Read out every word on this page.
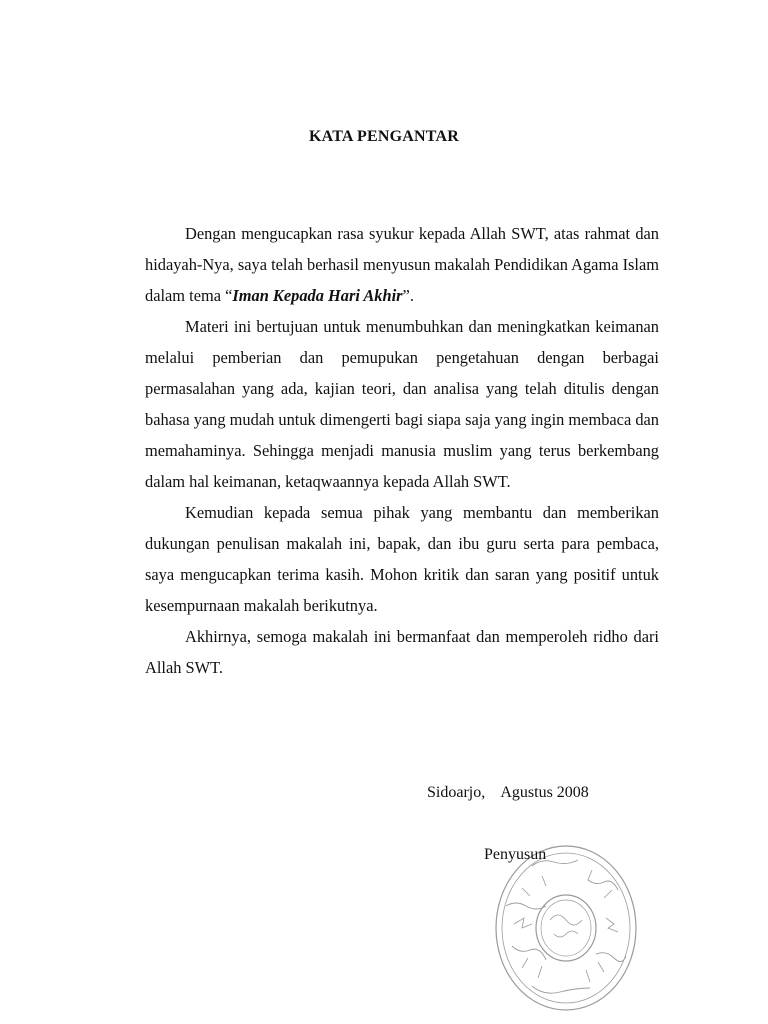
KATA PENGANTAR

Dengan mengucapkan rasa syukur kepada Allah SWT, atas rahmat dan hidayah-Nya, saya telah berhasil menyusun makalah Pendidikan Agama Islam dalam tema “Iman Kepada Hari Akhir”.

Materi ini bertujuan untuk menumbuhkan dan meningkatkan keimanan melalui pemberian dan pemupukan pengetahuan dengan berbagai permasalahan yang ada, kajian teori, dan analisa yang telah ditulis dengan bahasa yang mudah untuk dimengerti bagi siapa saja yang ingin membaca dan memahaminya. Sehingga menjadi manusia muslim yang terus berkembang dalam hal keimanan, ketaqwaannya kepada Allah SWT.

Kemudian kepada semua pihak yang membantu dan memberikan dukungan penulisan makalah ini, bapak, dan ibu guru serta para pembaca, saya mengucapkan terima kasih. Mohon kritik dan saran yang positif untuk kesempurnaan makalah berikutnya.

Akhirnya, semoga makalah ini bermanfaat dan memperoleh ridho dari Allah SWT.

Sidoarjo, Agustus 2008
Penyusun
